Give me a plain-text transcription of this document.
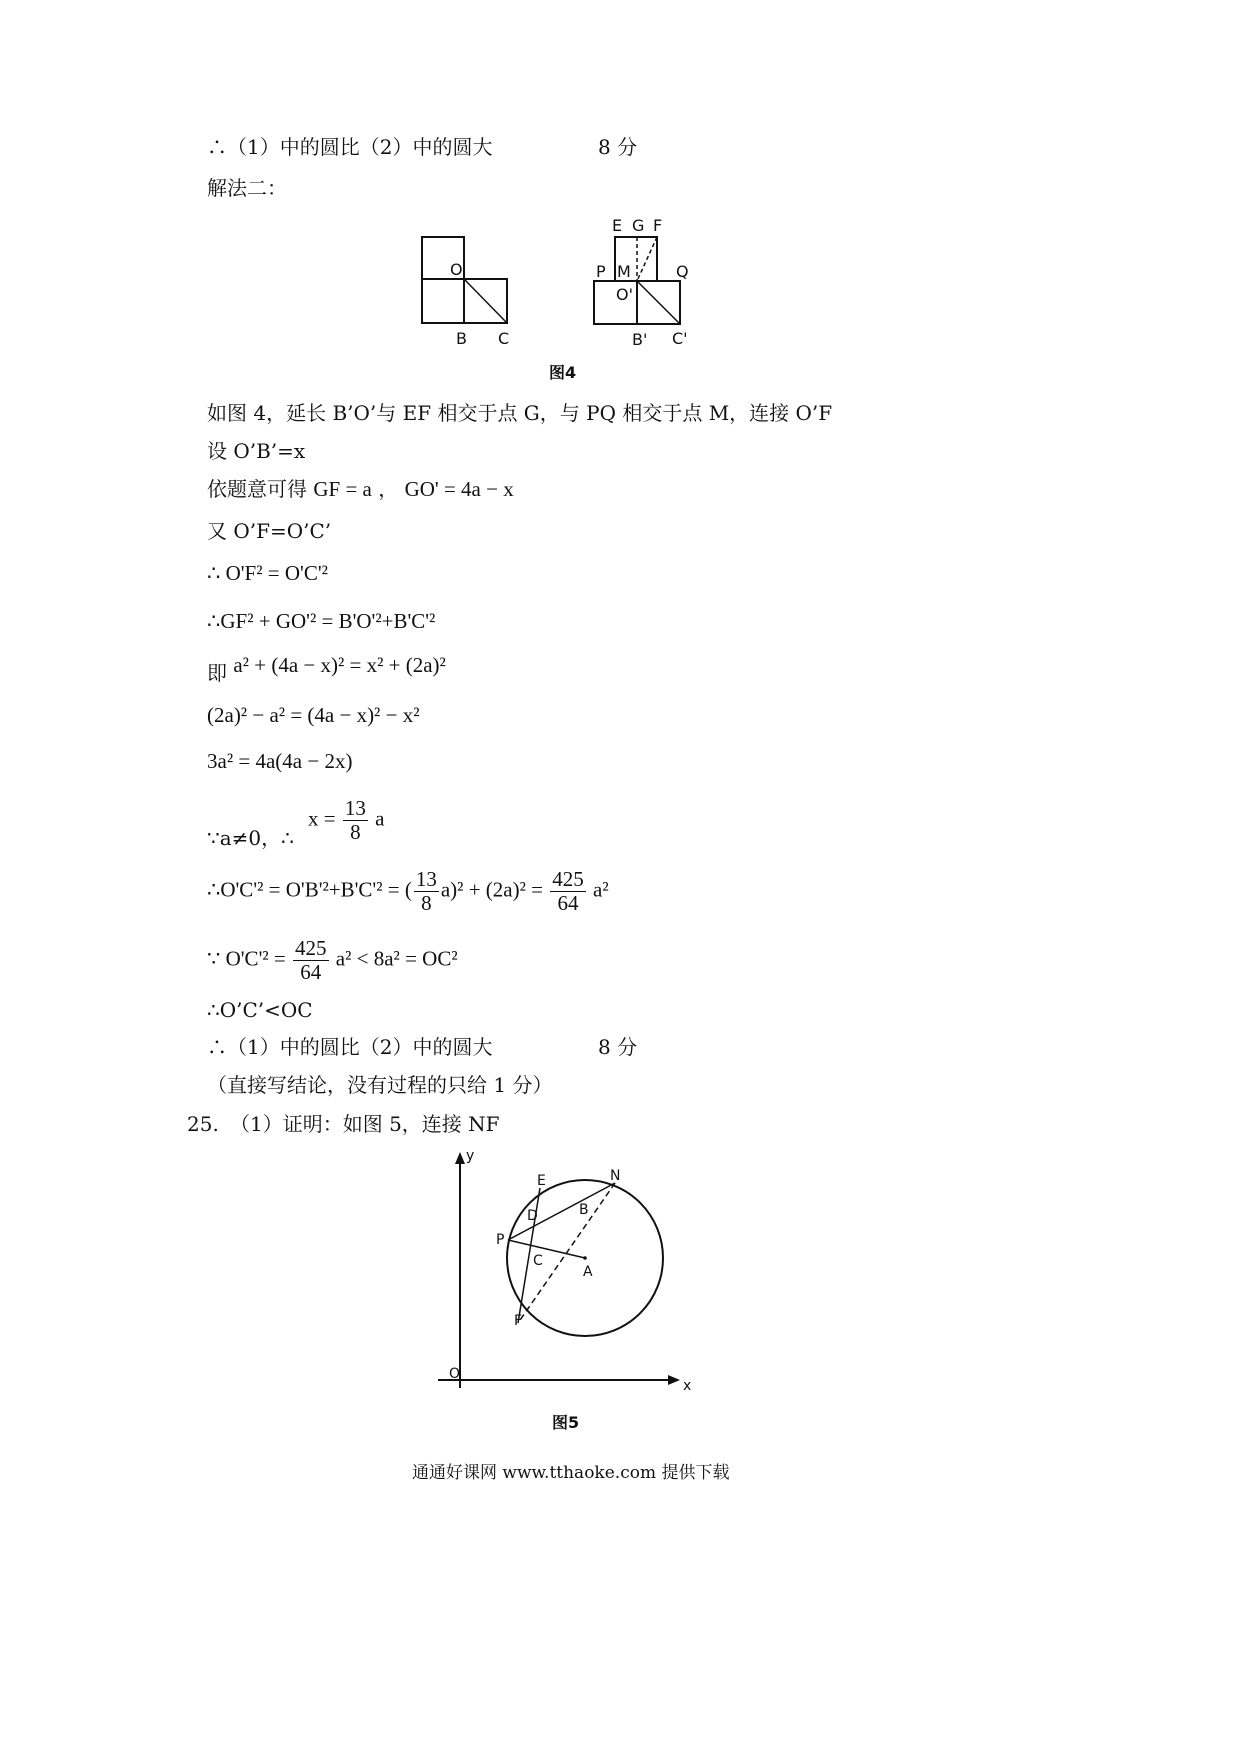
∴（1）中的圆比（2）中的圆大	8 分
解法二：
O
B C
E G F
P M	Q
O'
B' C'
图4
如图 4，延长 B’O’与 EF 相交于点 G，与 PQ 相交于点 M，连接 O’F
设 O’B’=x
依题意可得 GF = a ， GO' = 4a − x
又 O’F=O’C’
∴ O'F² = O'C'²
∴GF² + GO'² = B'O'²+B'C'²
即 a² + (4a − x)² = x² + (2a)²
(2a)² − a² = (4a − x)² − x²
3a² = 4a(4a − 2x)
∵a≠0，∴
$x = \frac{13}{8}$ a
∴O'C'² = O'B'²+B'C'² = ( $\frac{13}{8} a)^2 + (2a)^2 = \frac{425}{64} a^2$
∵ $O'C'^2 = \frac{425}{64} a^2 < 8a^2 = OC^2$
∴O’C’<OC
∴（1）中的圆比（2）中的圆大	8 分
（直接写结论，没有过程的只给 1 分）
25. （1）证明：如图 5，连接 NF
y
x
O
E	N
D	B
P
C
A
F
图5
通通好课网 www.tthaoke.com 提供下载
